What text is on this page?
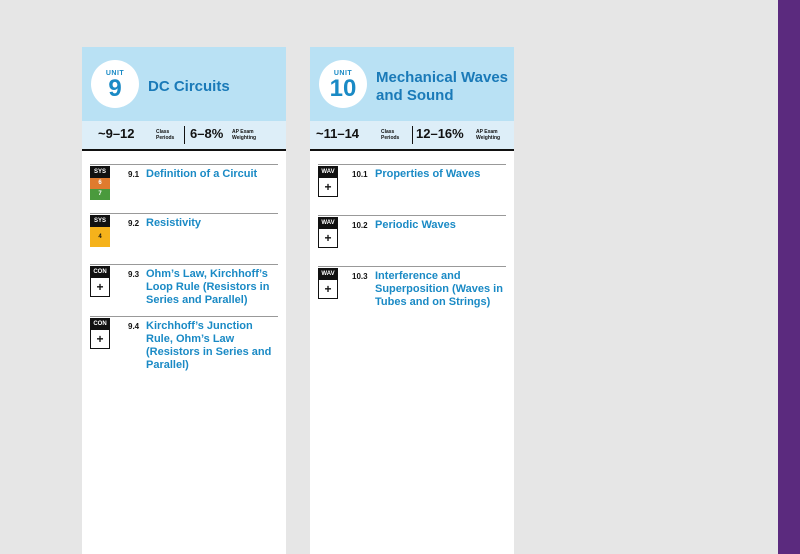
UNIT
9	DC Circuits
~9–12	Class
Periods 6–8% AP Exam
Weighting
SYS
6
7
9.1 Definition of a Circuit
SYS
4
9.2 Resistivity
CON
+
9.3 Ohm’s Law, Kirchhoff’s Loop Rule (Resistors in Series and Parallel)
CON
+
9.4 Kirchhoff’s Junction Rule, Ohm’s Law (Resistors in Series and Parallel)
UNIT
10	Mechanical Waves and Sound
~11–14	Class
Periods 12–16% AP Exam
Weighting
WAV
+
10.1 Properties of Waves
WAV
+
10.2 Periodic Waves
WAV
+
10.3 Interference and Superposition (Waves in Tubes and on Strings)
